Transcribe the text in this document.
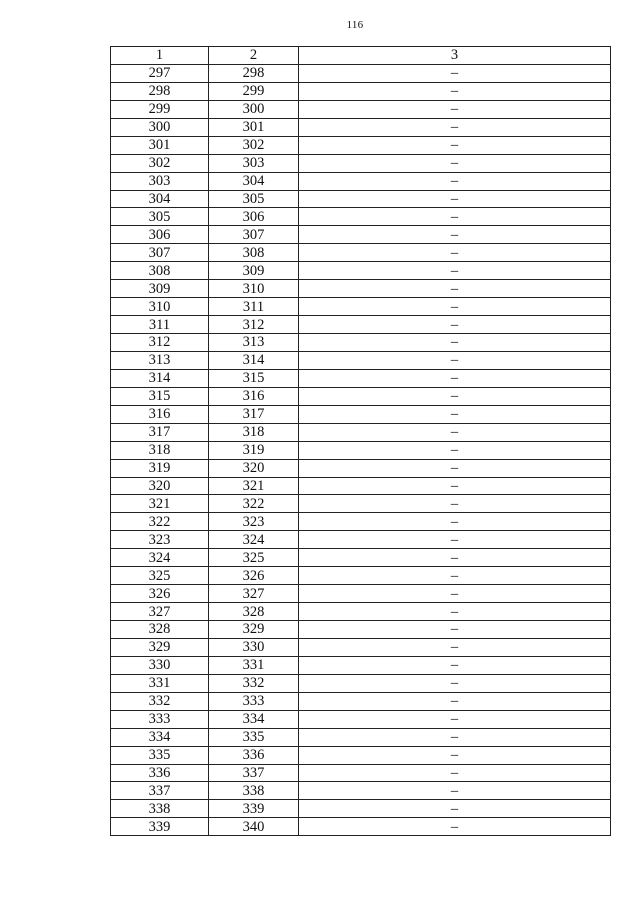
116
1	2	3
297	298	–
298	299	–
299	300	–
300	301	–
301	302	–
302	303	–
303	304	–
304	305	–
305	306	–
306	307	–
307	308	–
308	309	–
309	310	–
310	311	–
311	312	–
312	313	–
313	314	–
314	315	–
315	316	–
316	317	–
317	318	–
318	319	–
319	320	–
320	321	–
321	322	–
322	323	–
323	324	–
324	325	–
325	326	–
326	327	–
327	328	–
328	329	–
329	330	–
330	331	–
331	332	–
332	333	–
333	334	–
334	335	–
335	336	–
336	337	–
337	338	–
338	339	–
339	340	–
